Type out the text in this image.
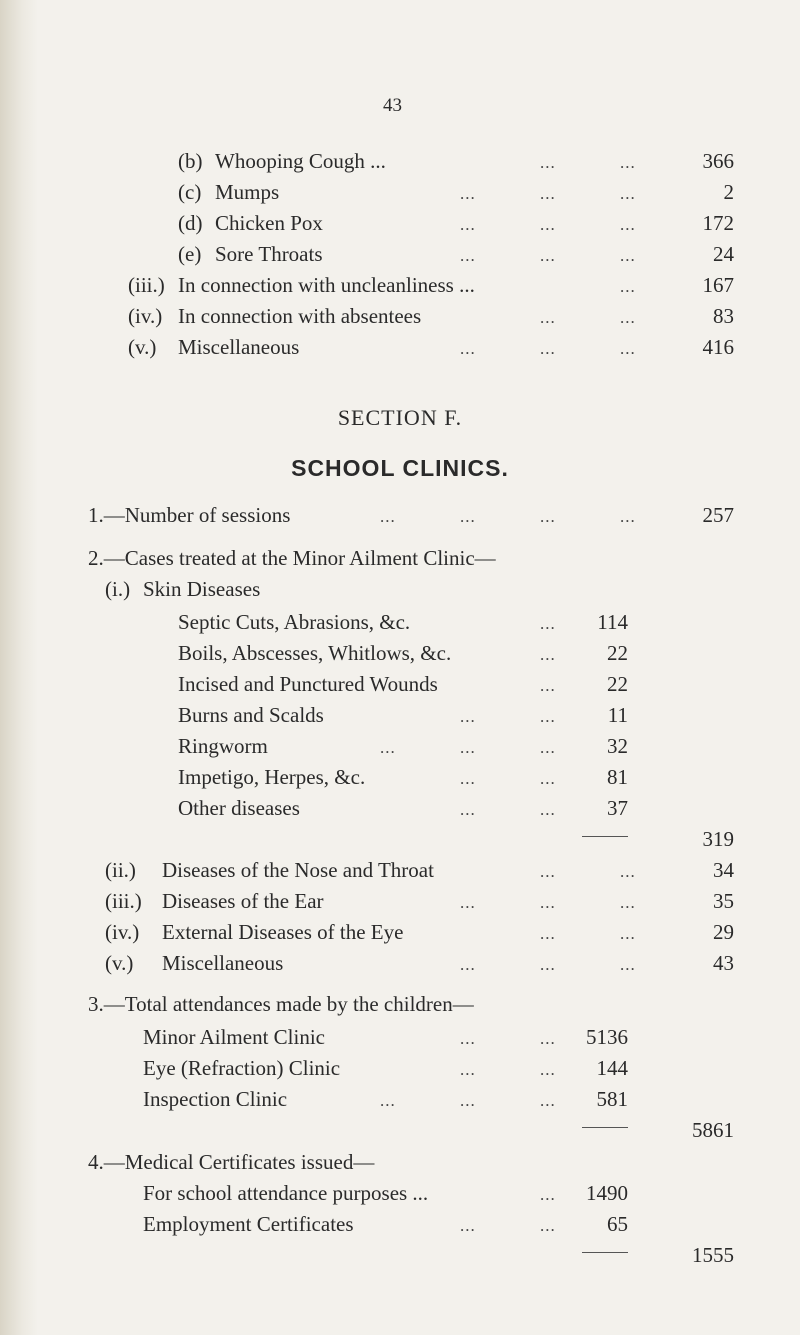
43
(b) Whooping Cough ...	...	...	366
(c) Mumps	...	...	...	2
(d) Chicken Pox	...	...	...	172
(e) Sore Throats	...	...	...	24
(iii.) In connection with uncleanliness ...	...	167
(iv.) In connection with absentees	...	...	83
(v.) Miscellaneous	...	...	...	416
SECTION F.
SCHOOL CLINICS.
1.—Number of sessions	...	...	...	...	257
2.—Cases treated at the Minor Ailment Clinic—
(i.) Skin Diseases
Septic Cuts, Abrasions, &c.	...	114
Boils, Abscesses, Whitlows, &c.	...	22
Incised and Punctured Wounds	...	22
Burns and Scalds	...	...	11
Ringworm	...	...	...	32
Impetigo, Herpes, &c.	...	...	81
Other diseases	...	...	37
319
(ii.) Diseases of the Nose and Throat	...	...	34
(iii.) Diseases of the Ear	...	...	...	35
(iv.) External Diseases of the Eye	...	...	29
(v.) Miscellaneous	...	...	...	43
3.—Total attendances made by the children—
Minor Ailment Clinic	...	...	5136
Eye (Refraction) Clinic	...	...	144
Inspection Clinic	...	...	...	581
5861
4.—Medical Certificates issued—
For school attendance purposes ...	...	1490
Employment Certificates	...	...	65
1555
